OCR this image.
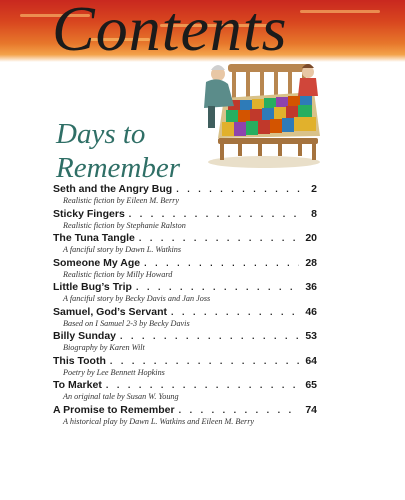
Contents
Days to
Remember
Seth and the Angry Bug . . .	2
Realistic fiction by Eileen M. Berry
Sticky Fingers . . .	8
Realistic fiction by Stephanie Ralston
The Tuna Tangle . . .	20
A fanciful story by Dawn L. Watkins
Someone My Age . . .	28
Realistic fiction by Milly Howard
Little Bug’s Trip . . .	36
A fanciful story by Becky Davis and Jan Joss
Samuel, God’s Servant . . .	46
Based on I Samuel 2-3 by Becky Davis
Billy Sunday . . .	53
Biography by Karen Wilt
This Tooth . . .	64
Poetry by Lee Bennett Hopkins
To Market . . .	65
An original tale by Susan W. Young
A Promise to Remember . . .	74
A historical play by Dawn L. Watkins and Eileen M. Berry
